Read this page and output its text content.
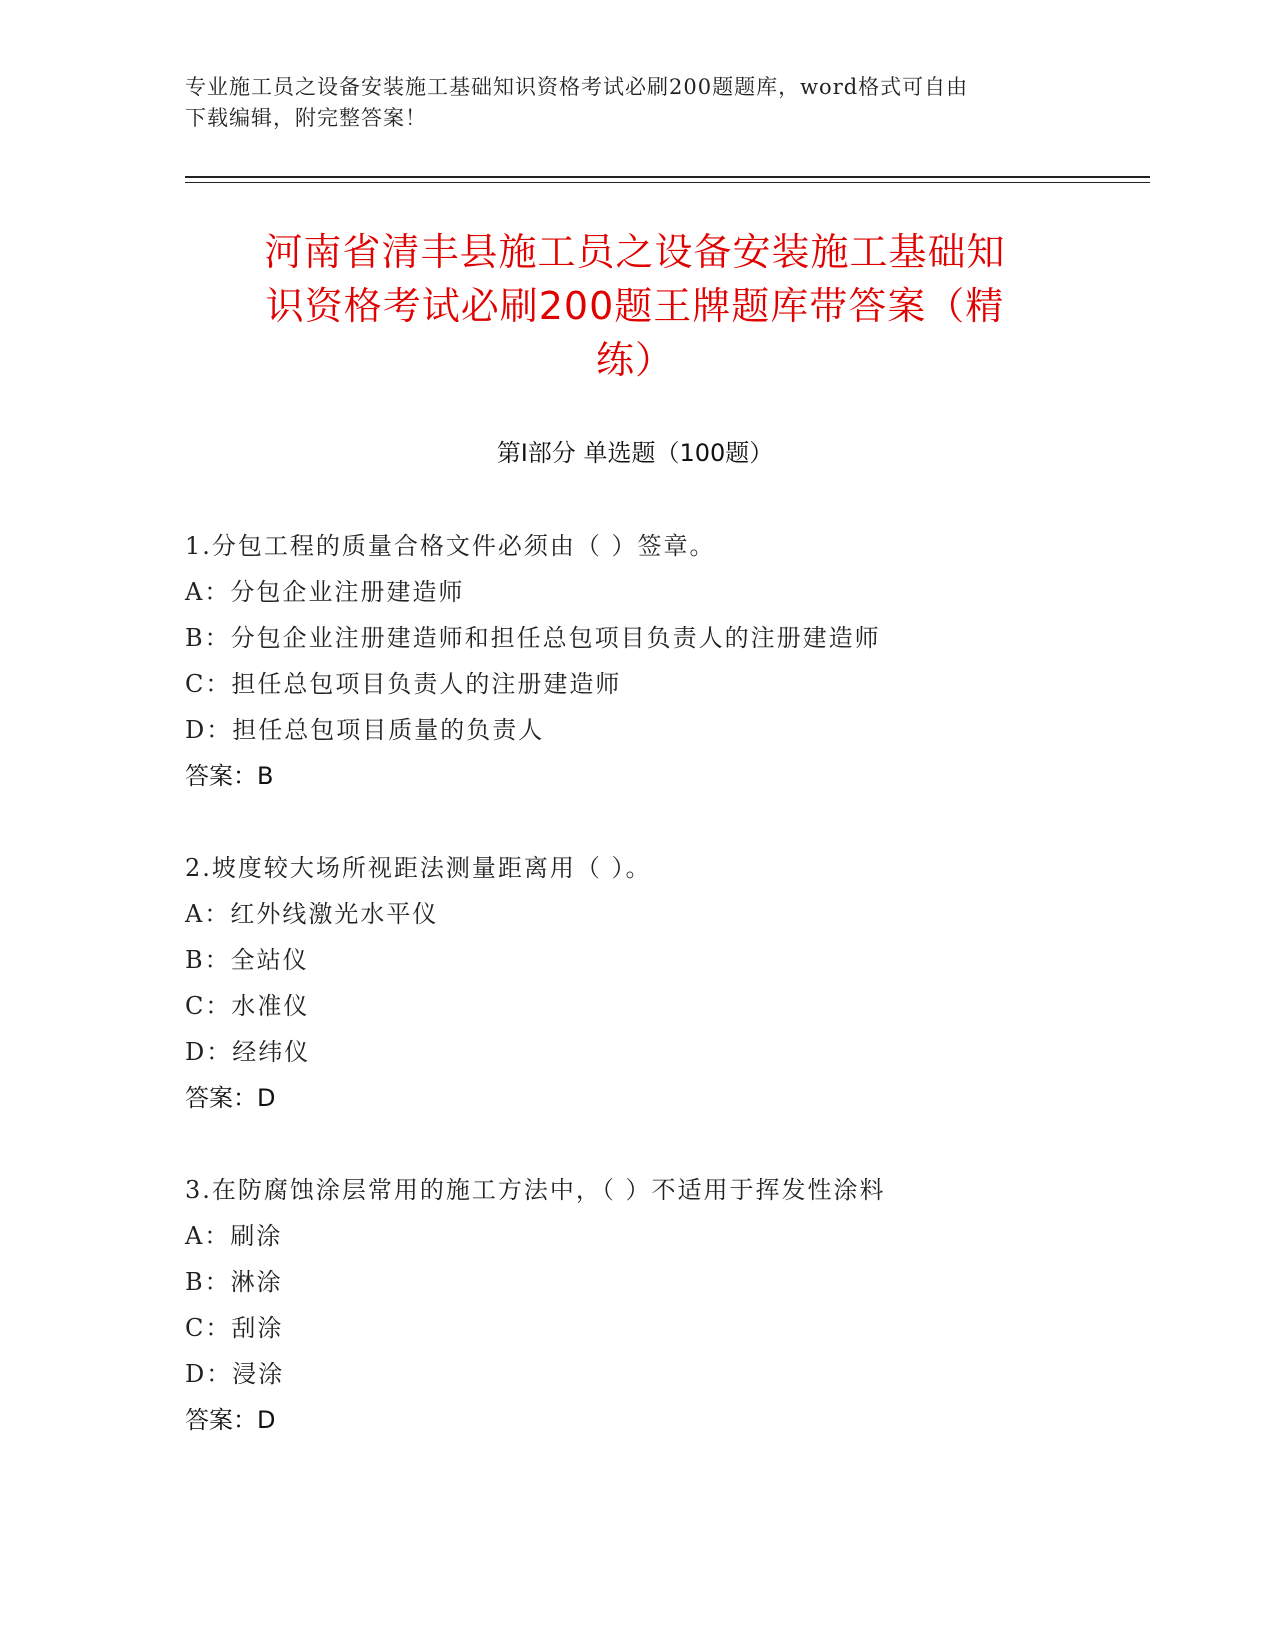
专业施工员之设备安装施工基础知识资格考试必刷200题题库，word格式可自由
下载编辑，附完整答案！
河南省清丰县施工员之设备安装施工基础知
识资格考试必刷200题王牌题库带答案（精
练）
第Ⅰ部分 单选题（100题）
1.分包工程的质量合格文件必须由（ ）签章。
A：分包企业注册建造师
B：分包企业注册建造师和担任总包项目负责人的注册建造师
C：担任总包项目负责人的注册建造师
D：担任总包项目质量的负责人
答案：B
2.坡度较大场所视距法测量距离用（ ）。
A：红外线激光水平仪
B：全站仪
C：水准仪
D：经纬仪
答案：D
3.在防腐蚀涂层常用的施工方法中，（ ）不适用于挥发性涂料
A：刷涂
B：淋涂
C：刮涂
D：浸涂
答案：D
